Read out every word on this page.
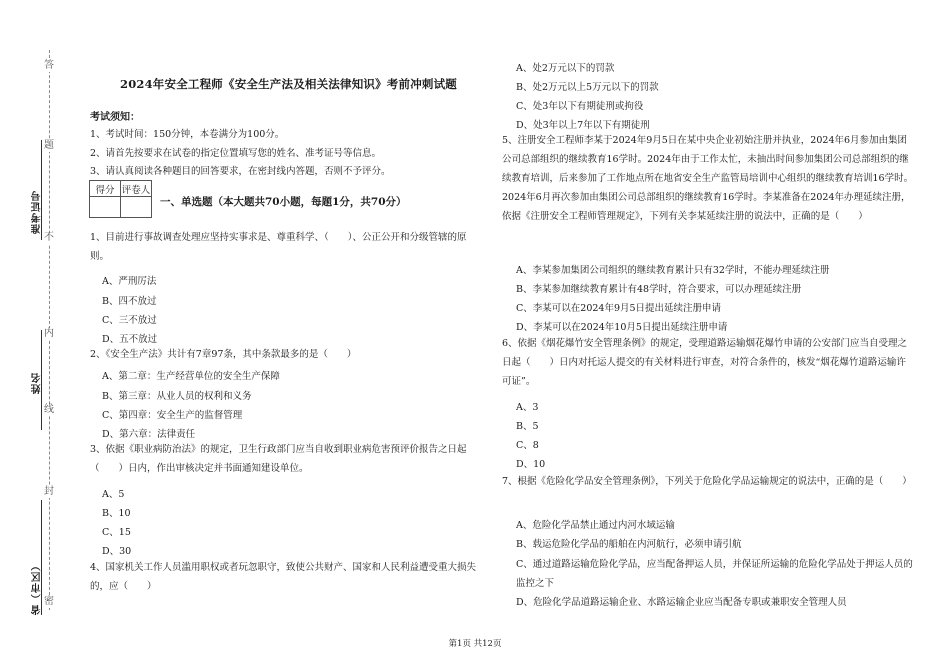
答
题
不
内
线
封
密
准考证号
姓名
省（市区）
2024年安全工程师《安全生产法及相关法律知识》考前冲刺试题
考试须知：
1、考试时间：150分钟，本卷满分为100分。
2、请首先按要求在试卷的指定位置填写您的姓名、准考证号等信息。
3、请认真阅读各种题目的回答要求，在密封线内答题，否则不予评分。
得分	评卷人

一、单选题（本大题共70小题，每题1分，共70分）
1、目前进行事故调查处理应坚持实事求是、尊重科学、（　　）、公正公开和分级管辖的原则。
A、严刑厉法
B、四不放过
C、三不放过
D、五不放过
2、《安全生产法》共计有7章97条，其中条款最多的是（　　）
A、第二章：生产经营单位的安全生产保障
B、第三章：从业人员的权利和义务
C、第四章：安全生产的监督管理
D、第六章：法律责任
3、依据《职业病防治法》的规定，卫生行政部门应当自收到职业病危害预评价报告之日起（　　）日内，作出审核决定并书面通知建设单位。
A、5
B、10
C、15
D、30
4、国家机关工作人员滥用职权或者玩忽职守，致使公共财产、国家和人民利益遭受重大损失的，应（　　）
A、处2万元以下的罚款
B、处2万元以上5万元以下的罚款
C、处3年以下有期徒刑或拘役
D、处3年以上7年以下有期徒刑
5、注册安全工程师李某于2024年9月5日在某中央企业初始注册并执业，2024年6月参加由集团公司总部组织的继续教育16学时。2024年由于工作太忙，未抽出时间参加集团公司总部组织的继续教育培训，后来参加了工作地点所在地省安全生产监管局培训中心组织的继续教育培训16学时。2024年6月再次参加由集团公司总部组织的继续教育16学时。李某准备在2024年办理延续注册，依据《注册安全工程师管理规定》，下列有关李某延续注册的说法中，正确的是（　　）
A、李某参加集团公司组织的继续教育累计只有32学时，不能办理延续注册
B、李某参加继续教育累计有48学时，符合要求，可以办理延续注册
C、李某可以在2024年9月5日提出延续注册申请
D、李某可以在2024年10月5日提出延续注册申请
6、依据《烟花爆竹安全管理条例》的规定，受理道路运输烟花爆竹申请的公安部门应当自受理之日起（　　）日内对托运人提交的有关材料进行审查，对符合条件的，核发“烟花爆竹道路运输许可证”。
A、3
B、5
C、8
D、10
7、根据《危险化学品安全管理条例》，下列关于危险化学品运输规定的说法中，正确的是（　　）
A、危险化学品禁止通过内河水域运输
B、载运危险化学品的船舶在内河航行，必须申请引航
C、通过道路运输危险化学品，应当配备押运人员，并保证所运输的危险化学品处于押运人员的监控之下
D、危险化学品道路运输企业、水路运输企业应当配备专职或兼职安全管理人员
第1页 共12页
